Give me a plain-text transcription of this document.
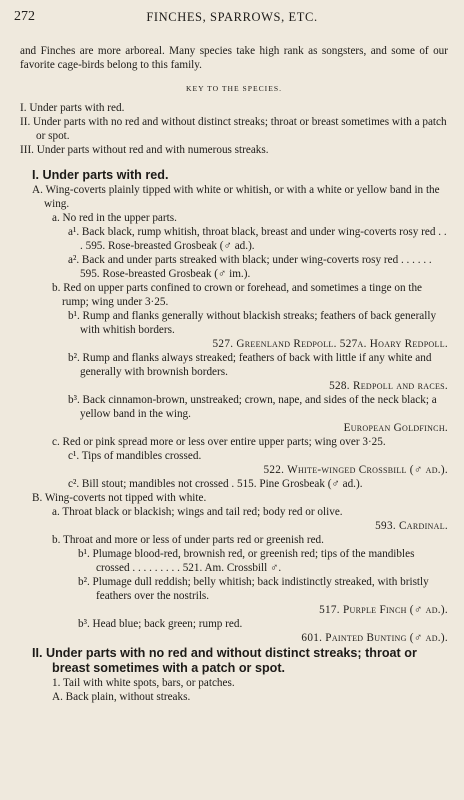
272	FINCHES, SPARROWS, ETC.

and Finches are more arboreal. Many species take high rank as songsters, and some of our favorite cage-birds belong to this family.

KEY TO THE SPECIES.
I. Under parts with red.
II. Under parts with no red and without distinct streaks; throat or breast sometimes with a patch or spot.
III. Under parts without red and with numerous streaks.
I. Under parts with red.
A. Wing-coverts plainly tipped with white or whitish, or with a white or yellow band in the wing.
a. No red in the upper parts.
a¹. Back black, rump whitish, throat black, breast and under wing-coverts rosy red . . . 595. Rose-breasted Grosbeak (♂ ad.).
a². Back and under parts streaked with black; under wing-coverts rosy red . . . . . . 595. Rose-breasted Grosbeak (♂ im.).
b. Red on upper parts confined to crown or forehead, and sometimes a tinge on the rump; wing under 3·25.
b¹. Rump and flanks generally without blackish streaks; feathers of back generally with whitish borders.
527. Greenland Redpoll. 527a. Hoary Redpoll.
b². Rump and flanks always streaked; feathers of back with little if any white and generally with brownish borders.
528. Redpoll and races.
b³. Back cinnamon-brown, unstreaked; crown, nape, and sides of the neck black; a yellow band in the wing.
European Goldfinch.
c. Red or pink spread more or less over entire upper parts; wing over 3·25.
c¹. Tips of mandibles crossed.
522. White-winged Crossbill (♂ ad.).
c². Bill stout; mandibles not crossed . 515. Pine Grosbeak (♂ ad.).
B. Wing-coverts not tipped with white.
a. Throat black or blackish; wings and tail red; body red or olive.
593. Cardinal.
b. Throat and more or less of under parts red or greenish red.
b¹. Plumage blood-red, brownish red, or greenish red; tips of the mandibles crossed . . . . . . . . . 521. Am. Crossbill ♂.
b². Plumage dull reddish; belly whitish; back indistinctly streaked, with bristly feathers over the nostrils.
517. Purple Finch (♂ ad.).
b³. Head blue; back green; rump red.
601. Painted Bunting (♂ ad.).
II. Under parts with no red and without distinct streaks; throat or breast sometimes with a patch or spot.
1. Tail with white spots, bars, or patches.
A. Back plain, without streaks.
